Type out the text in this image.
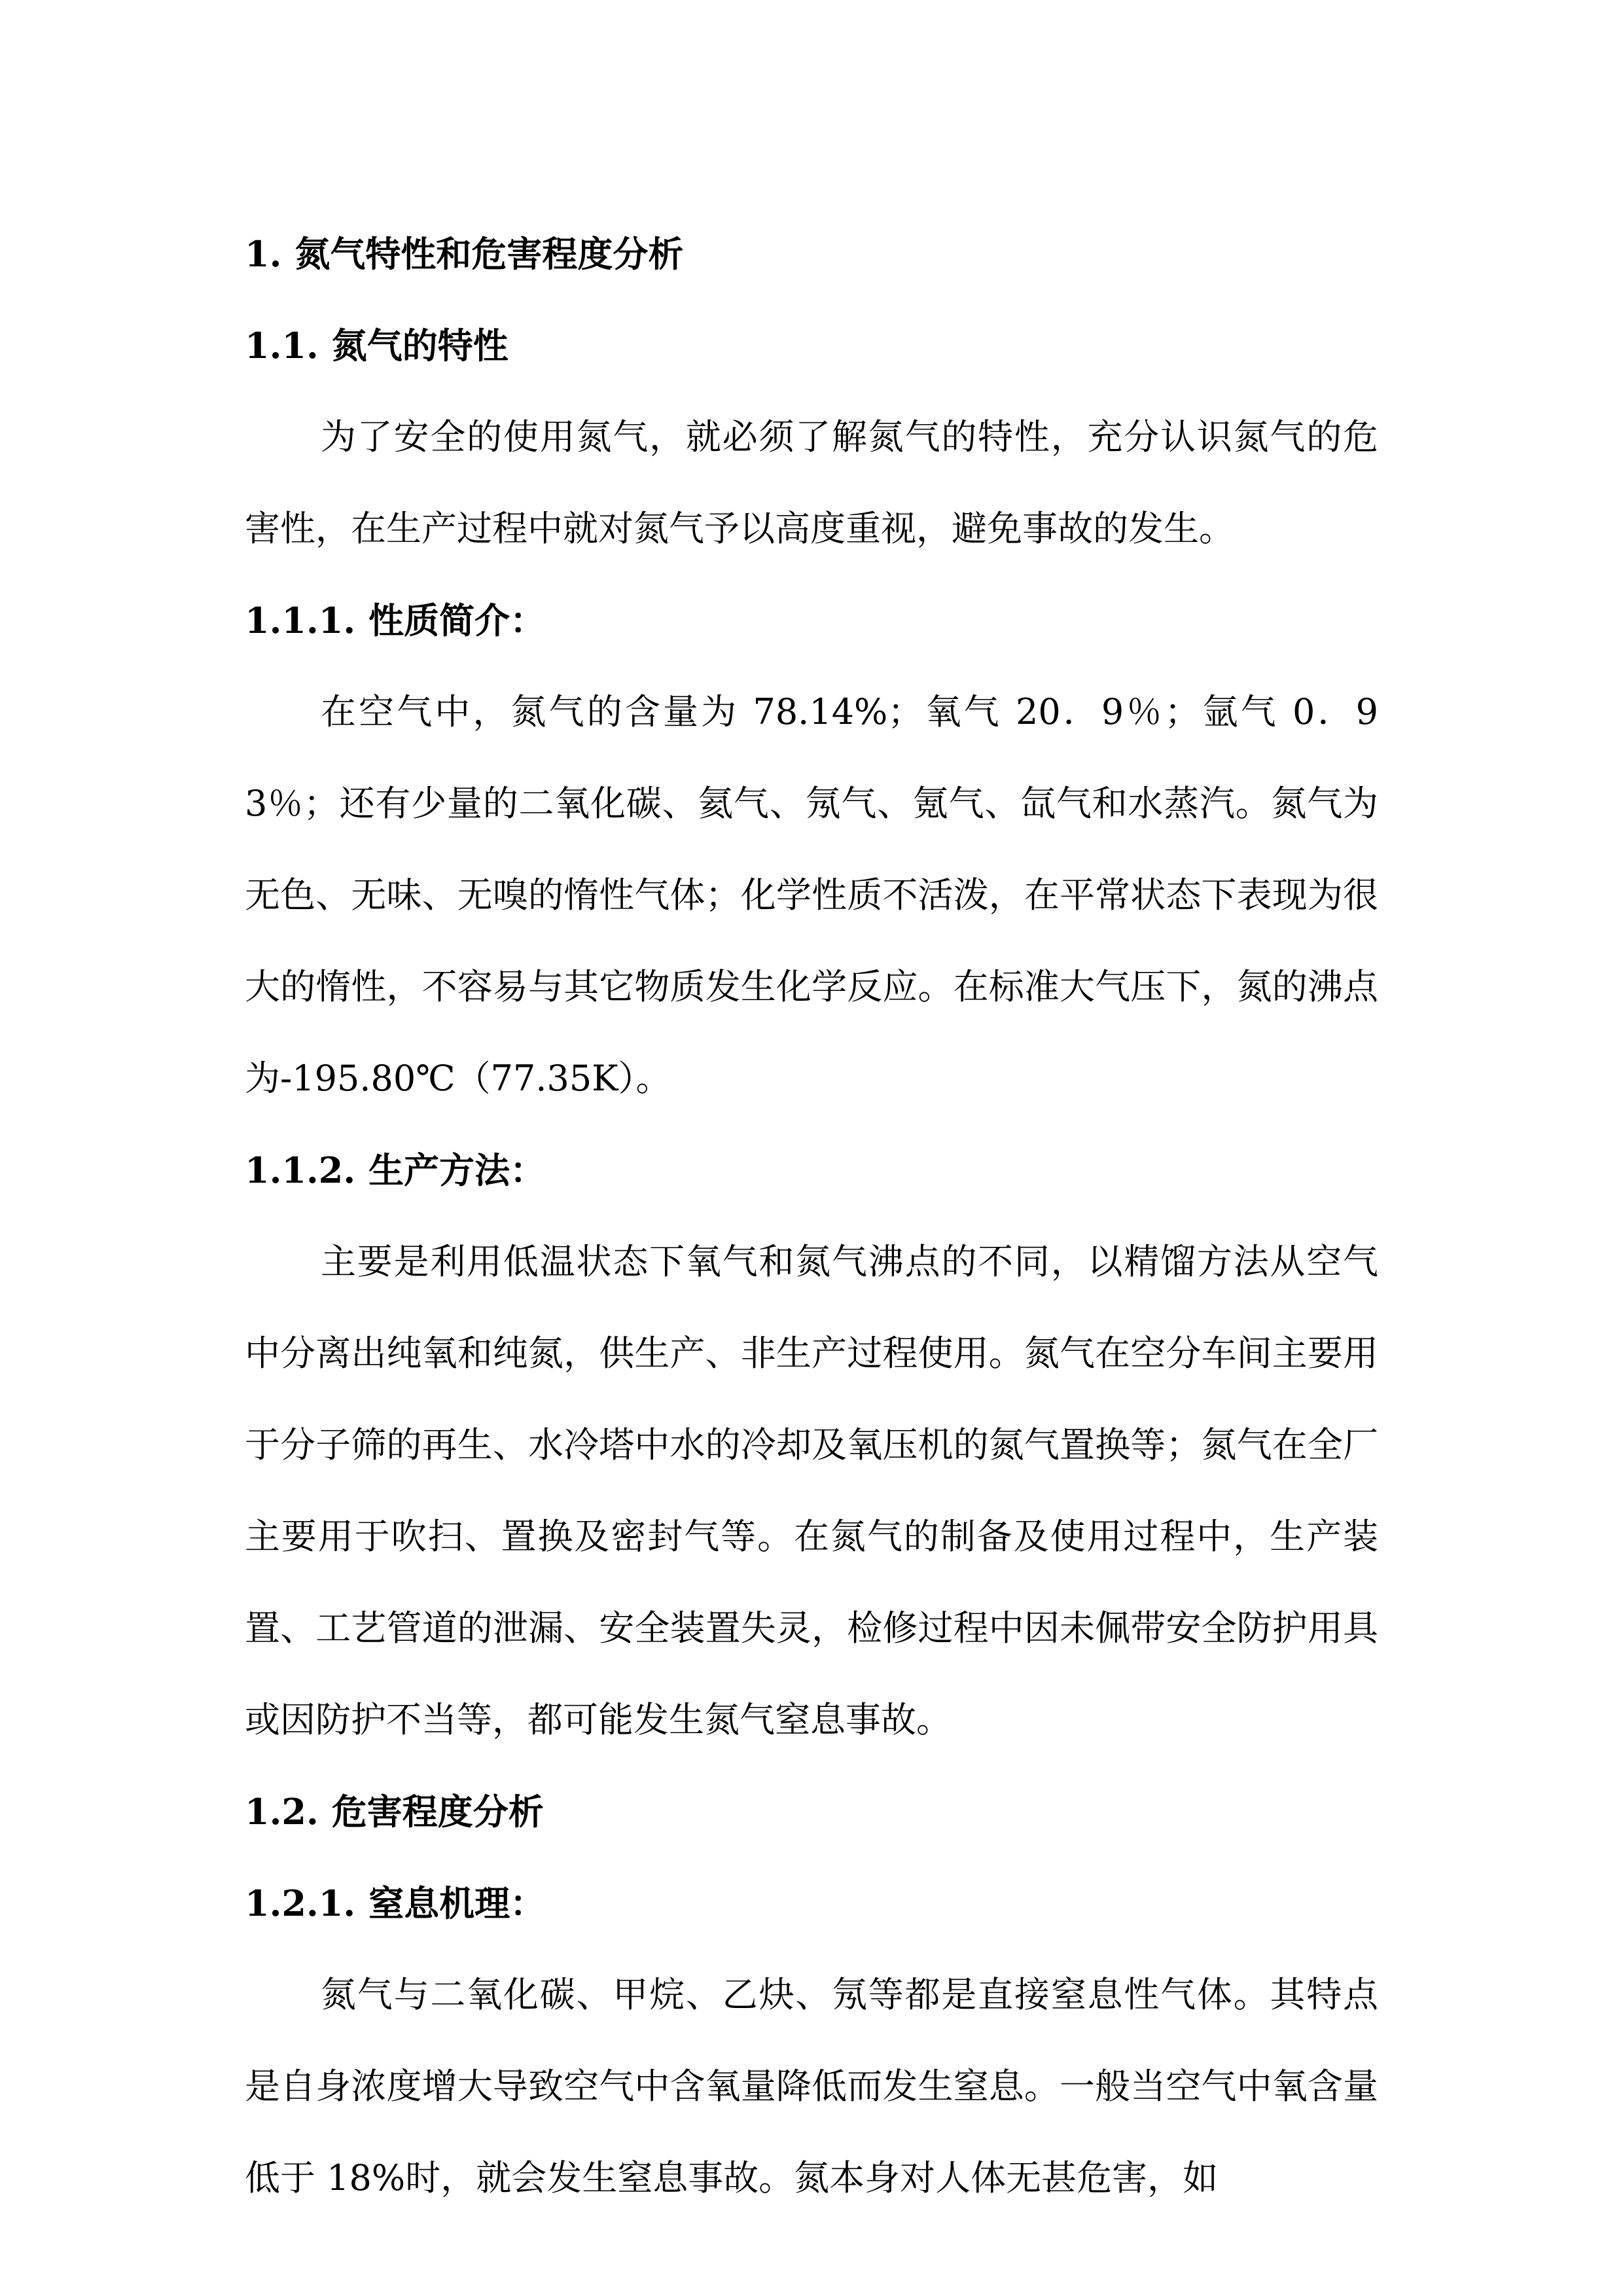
1. 氮气特性和危害程度分析
1.1. 氮气的特性

为了安全的使用氮气，就必须了解氮气的特性，充分认识氮气的危害性，在生产过程中就对氮气予以高度重视，避免事故的发生。

1.1.1. 性质简介：

在空气中，氮气的含量为 78.14%；氧气 20．9％；氩气 0．93％；还有少量的二氧化碳、氦气、氖气、氪气、氙气和水蒸汽。氮气为无色、无味、无嗅的惰性气体；化学性质不活泼，在平常状态下表现为很大的惰性，不容易与其它物质发生化学反应。在标准大气压下，氮的沸点为-195.80℃（77.35K）。

1.1.2. 生产方法：

主要是利用低温状态下氧气和氮气沸点的不同，以精馏方法从空气中分离出纯氧和纯氮，供生产、非生产过程使用。氮气在空分车间主要用于分子筛的再生、水冷塔中水的冷却及氧压机的氮气置换等；氮气在全厂主要用于吹扫、置换及密封气等。在氮气的制备及使用过程中，生产装置、工艺管道的泄漏、安全装置失灵，检修过程中因未佩带安全防护用具或因防护不当等，都可能发生氮气窒息事故。

1.2. 危害程度分析
1.2.1. 窒息机理：

氮气与二氧化碳、甲烷、乙炔、氖等都是直接窒息性气体。其特点是自身浓度增大导致空气中含氧量降低而发生窒息。一般当空气中氧含量低于 18%时，就会发生窒息事故。氮本身对人体无甚危害，如
